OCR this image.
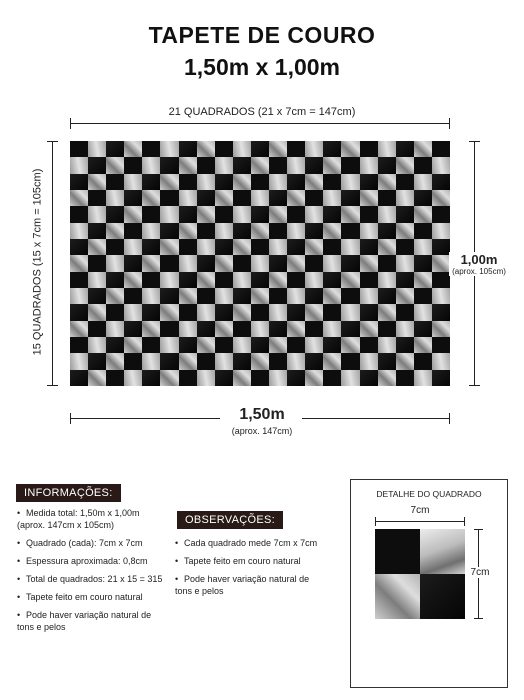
TAPETE DE COURO
1,50m x 1,00m
21 QUADRADOS (21 x 7cm = 147cm)
15 QUADRADOS (15 x 7cm = 105cm)	1,00m
(aprox. 105cm)
1,50m
(aprox. 147cm)
INFORMAÇÕES:
• Medida total: 1,50m x 1,00m
(aprox. 147cm x 105cm)
• Quadrado (cada): 7cm x 7cm
• Espessura aproximada: 0,8cm
• Total de quadrados: 21 x 15 = 315
• Tapete feito em couro natural
• Pode haver variação natural de
tons e pelos
OBSERVAÇÕES:
• Cada quadrado mede 7cm x 7cm
• Tapete feito em couro natural
• Pode haver variação natural de
tons e pelos
DETALHE DO QUADRADO
7cm
7cm
